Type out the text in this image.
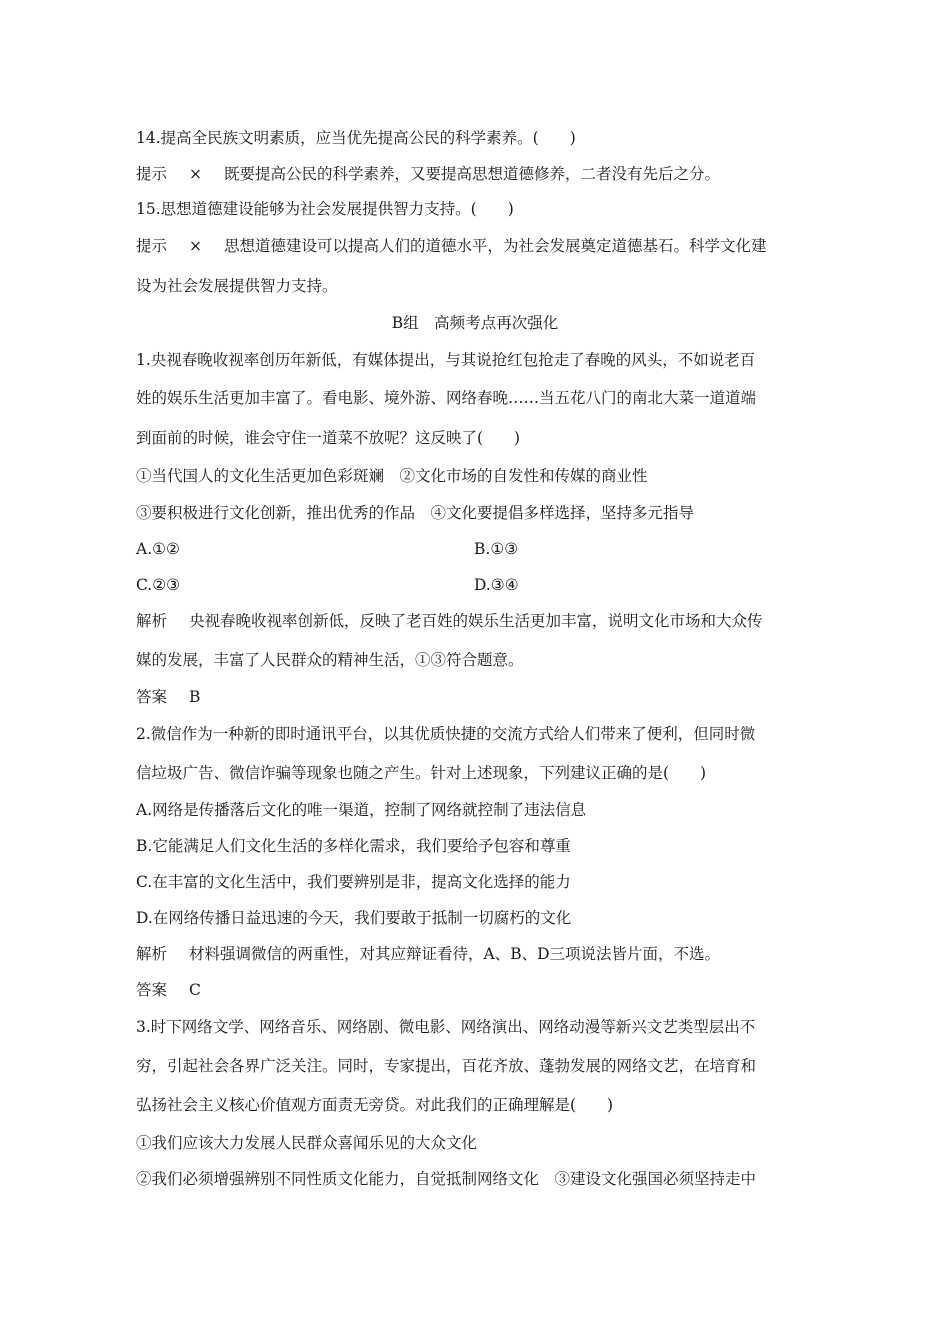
14.提高全民族文明素质，应当优先提高公民的科学素养。(　　)
提示 × 既要提高公民的科学素养，又要提高思想道德修养，二者没有先后之分。
15.思想道德建设能够为社会发展提供智力支持。(　　)
提示 × 思想道德建设可以提高人们的道德水平，为社会发展奠定道德基石。科学文化建
设为社会发展提供智力支持。
B组　高频考点再次强化
1.央视春晚收视率创历年新低，有媒体提出，与其说抢红包抢走了春晚的风头，不如说老百
姓的娱乐生活更加丰富了。看电影、境外游、网络春晚……当五花八门的南北大菜一道道端
到面前的时候，谁会守住一道菜不放呢？这反映了(　　)
①当代国人的文化生活更加色彩斑斓　②文化市场的自发性和传媒的商业性
③要积极进行文化创新，推出优秀的作品　④文化要提倡多样选择，坚持多元指导
A.①②	B.①③
C.②③	D.③④
解析 央视春晚收视率创新低，反映了老百姓的娱乐生活更加丰富，说明文化市场和大众传
媒的发展，丰富了人民群众的精神生活，①③符合题意。
答案 B
2.微信作为一种新的即时通讯平台，以其优质快捷的交流方式给人们带来了便利，但同时微
信垃圾广告、微信诈骗等现象也随之产生。针对上述现象，下列建议正确的是(　　)
A.网络是传播落后文化的唯一渠道，控制了网络就控制了违法信息
B.它能满足人们文化生活的多样化需求，我们要给予包容和尊重
C.在丰富的文化生活中，我们要辨别是非，提高文化选择的能力
D.在网络传播日益迅速的今天，我们要敢于抵制一切腐朽的文化
解析 材料强调微信的两重性，对其应辩证看待，A、B、D三项说法皆片面，不选。
答案 C
3.时下网络文学、网络音乐、网络剧、微电影、网络演出、网络动漫等新兴文艺类型层出不
穷，引起社会各界广泛关注。同时，专家提出，百花齐放、蓬勃发展的网络文艺，在培育和
弘扬社会主义核心价值观方面责无旁贷。对此我们的正确理解是(　　)
①我们应该大力发展人民群众喜闻乐见的大众文化
②我们必须增强辨别不同性质文化能力，自觉抵制网络文化　③建设文化强国必须坚持走中
